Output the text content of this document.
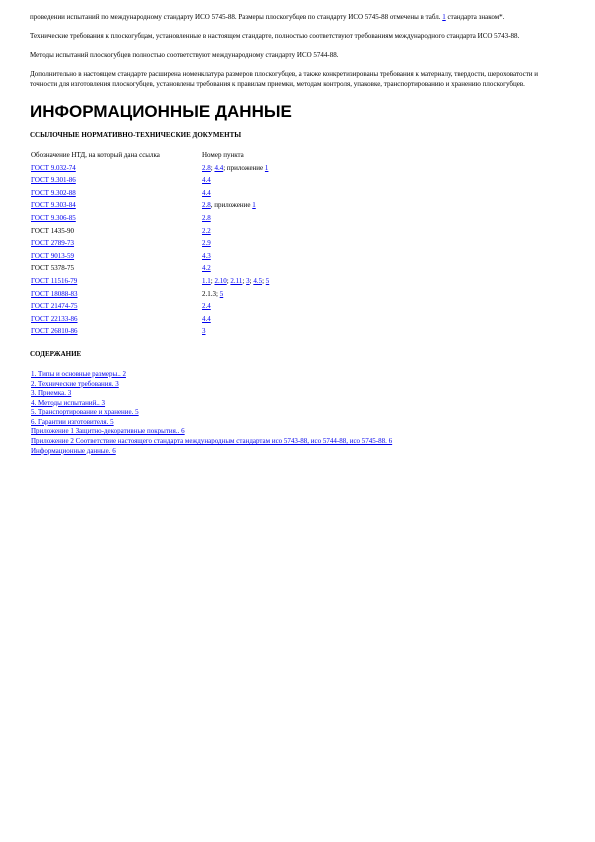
проведении испытаний по международному стандарту ИСО 5745-88. Размеры плоскогубцев по стандарту ИСО 5745-88 отмечены в табл. 1 стандарта знаком*.

Технические требования к плоскогубцам, установленные в настоящем стандарте, полностью соответствуют требованиям международного стандарта ИСО 5743-88.

Методы испытаний плоскогубцев полностью соответствуют международному стандарту ИСО 5744-88.

Дополнительно в настоящем стандарте расширена номенклатура размеров плоскогубцев, а также конкретизированы требования к материалу, твердости, шероховатости и точности для изготовления плоскогубцев, установлены требования к правилам приемки, методам контроля, упаковке, транспортированию и хранению плоскогубцев.

ИНФОРМАЦИОННЫЕ ДАННЫЕ

ССЫЛОЧНЫЕ НОРМАТИВНО-ТЕХНИЧЕСКИЕ ДОКУМЕНТЫ

Обозначение НТД, на который дана ссылка	Номер пункта
ГОСТ 9.032-74	2.8; 4.4; приложение 1
ГОСТ 9.301-86	4.4
ГОСТ 9.302-88	4.4
ГОСТ 9.303-84	2.8, приложение 1
ГОСТ 9.306-85	2.8
ГОСТ 1435-90	2.2
ГОСТ 2789-73	2.9
ГОСТ 9013-59	4.3
ГОСТ 5378-75	4.2
ГОСТ 11516-79	1.1; 2.10; 2.11; 3; 4.5; 5
ГОСТ 18088-83	2.1.3; 5
ГОСТ 21474-75	2.4
ГОСТ 22133-86	4.4
ГОСТ 26810-86	3

СОДЕРЖАНИЕ

1. Типы и основные размеры.. 2
2. Технические требования. 3
3. Приемка. 3
4. Методы испытаний.. 3
5. Транспортирование и хранение. 5
6. Гарантии изготовителя. 5
Приложение 1 Защитно-декоративные покрытия.. 6
Приложение 2 Соответствие настоящего стандарта международным стандартам исо 5743-88, исо 5744-88, исо 5745-88. 6
Информационные данные. 6
